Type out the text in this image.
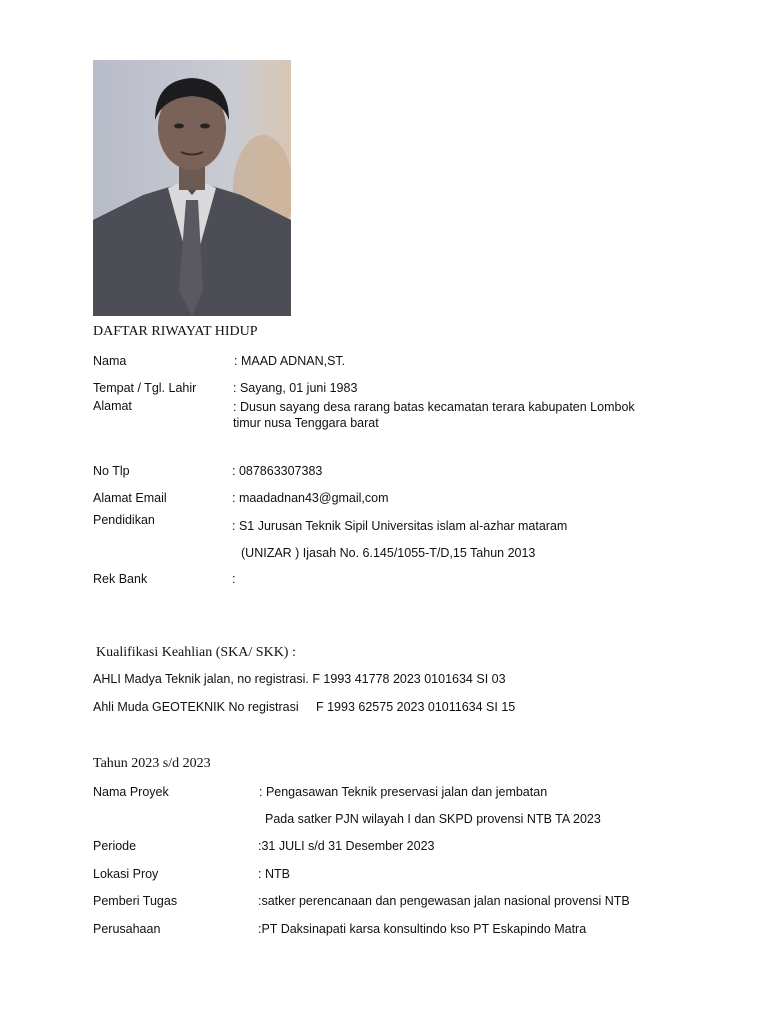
DAFTAR RIWAYAT HIDUP
Nama	: MAAD ADNAN,ST.
Tempat / Tgl. Lahir	: Sayang, 01 juni 1983
Alamat	: Dusun sayang desa rarang batas kecamatan terara kabupaten Lombok timur nusa Tenggara barat
No Tlp	: 087863307383
Alamat Email	: maadadnan43@gmail,com
Pendidikan	: S1 Jurusan Teknik Sipil Universitas islam al-azhar mataram
(UNIZAR ) Ijasah No. 6.145/1055-T/D,15 Tahun 2013
Rek Bank	:
Kualifikasi Keahlian (SKA/ SKK) :
AHLI Madya Teknik jalan, no registrasi. F 1993 41778 2023 0101634 SI 03
Ahli Muda GEOTEKNIK No registrasi F 1993 62575 2023 01011634 SI 15
Tahun 2023 s/d 2023
Nama Proyek	: Pengasawan Teknik preservasi jalan dan jembatan
Pada satker PJN wilayah I dan SKPD provensi NTB TA 2023
Periode	:31 JULI s/d 31 Desember 2023
Lokasi Proy	: NTB
Pemberi Tugas	:satker perencanaan dan pengewasan jalan nasional provensi NTB
Perusahaan	:PT Daksinapati karsa konsultindo kso PT Eskapindo Matra
